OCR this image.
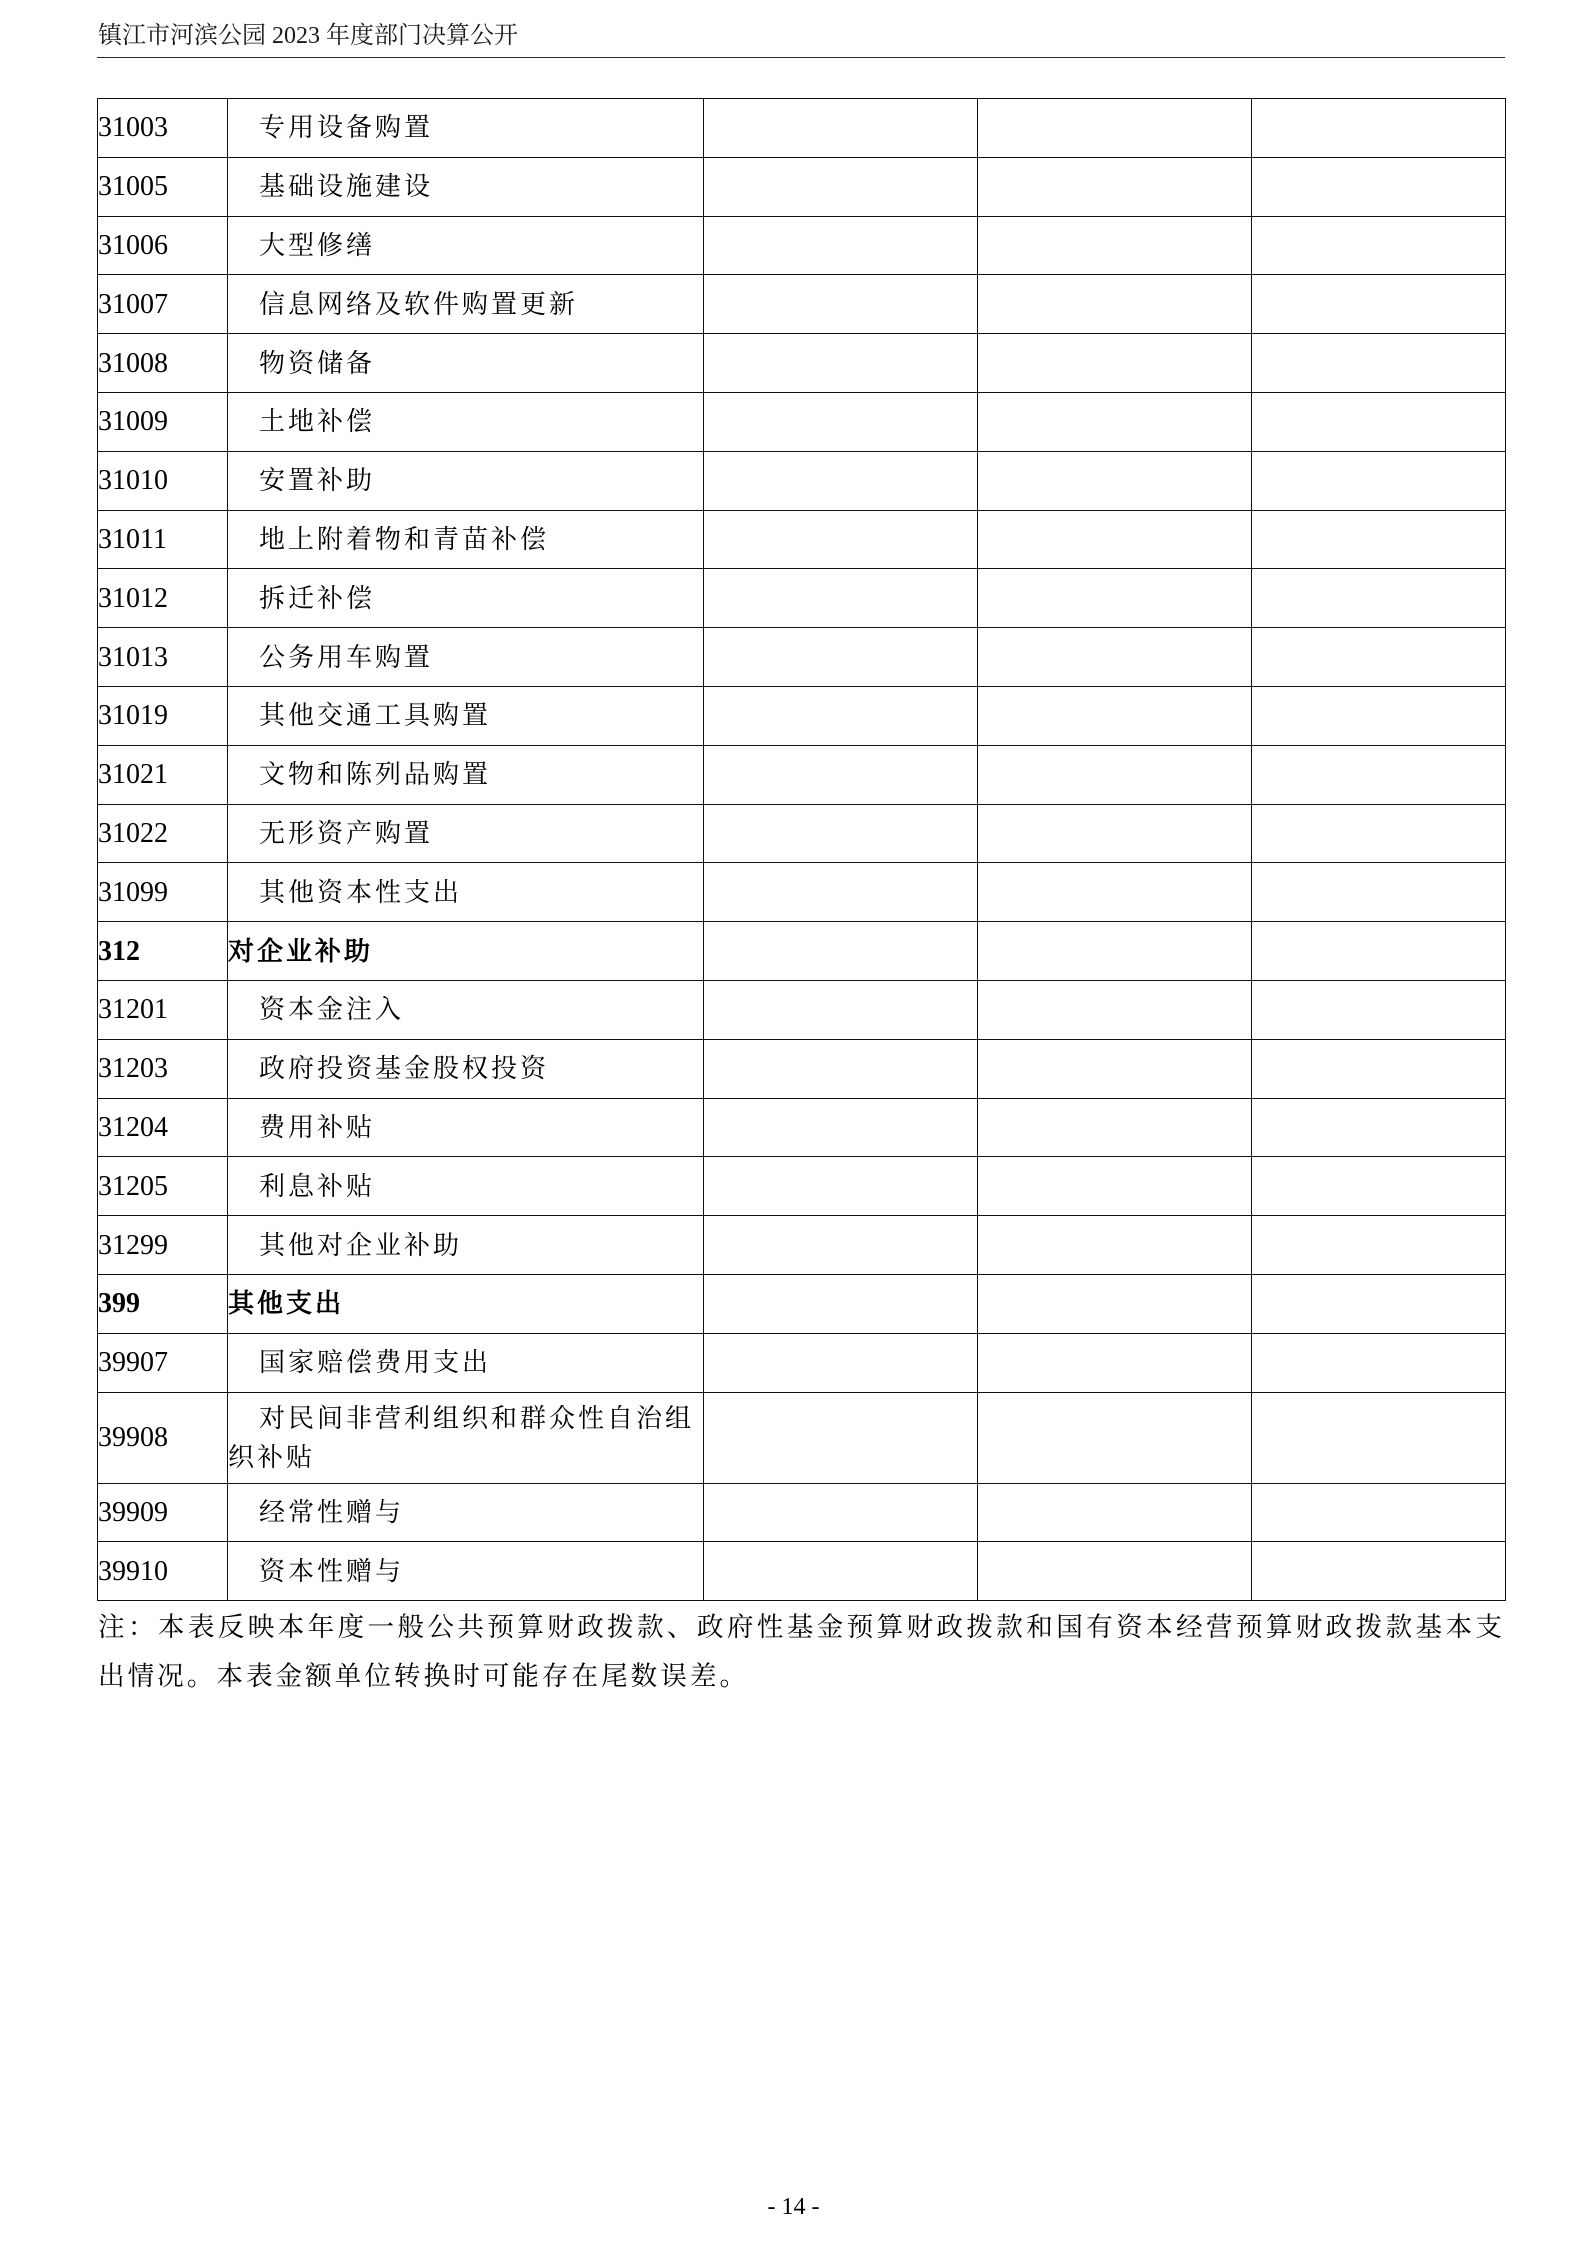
镇江市河滨公园 2023 年度部门决算公开
31003	专用设备购置			
31005	基础设施建设			
31006	大型修缮			
31007	信息网络及软件购置更新			
31008	物资储备			
31009	土地补偿			
31010	安置补助			
31011	地上附着物和青苗补偿			
31012	拆迁补偿			
31013	公务用车购置			
31019	其他交通工具购置			
31021	文物和陈列品购置			
31022	无形资产购置			
31099	其他资本性支出			
312	对企业补助			
31201	资本金注入			
31203	政府投资基金股权投资			
31204	费用补贴			
31205	利息补贴			
31299	其他对企业补助			
399	其他支出			
39907	国家赔偿费用支出			
39908	对民间非营利组织和群众性自治组织补贴			
39909	经常性赠与			
39910	资本性赠与			
注：本表反映本年度一般公共预算财政拨款、政府性基金预算财政拨款和国有资本经营预算财政拨款基本支出情况。本表金额单位转换时可能存在尾数误差。
- 14 -
